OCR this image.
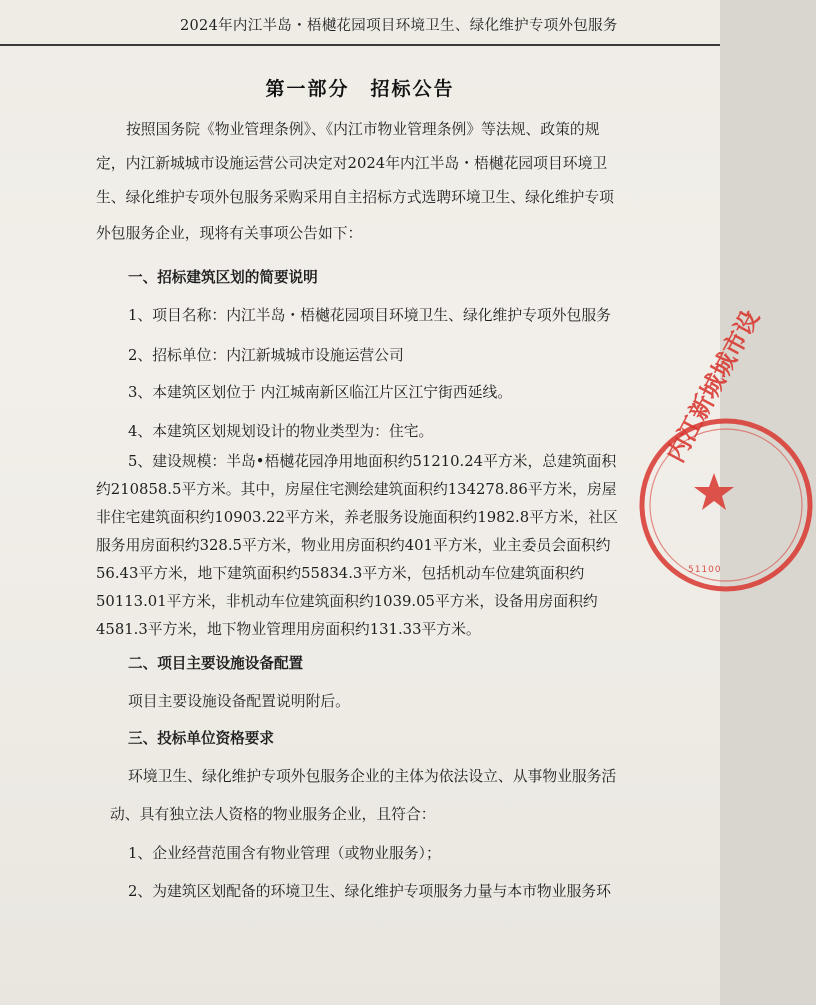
2024年内江半岛・梧樾花园项目环境卫生、绿化维护专项外包服务
第一部分　招标公告
按照国务院《物业管理条例》、《内江市物业管理条例》等法规、政策的规
定，内江新城城市设施运营公司决定对2024年内江半岛・梧樾花园项目环境卫
生、绿化维护专项外包服务采购采用自主招标方式选聘环境卫生、绿化维护专项
外包服务企业，现将有关事项公告如下：
一、招标建筑区划的简要说明
1、项目名称：内江半岛・梧樾花园项目环境卫生、绿化维护专项外包服务
2、招标单位：内江新城城市设施运营公司
3、本建筑区划位于 内江城南新区临江片区江宁街西延线。
4、本建筑区划规划设计的物业类型为：住宅。
5、建设规模：半岛•梧樾花园净用地面积约51210.24平方米，总建筑面积
约210858.5平方米。其中，房屋住宅测绘建筑面积约134278.86平方米，房屋
非住宅建筑面积约10903.22平方米，养老服务设施面积约1982.8平方米，社区
服务用房面积约328.5平方米，物业用房面积约401平方米，业主委员会面积约
56.43平方米，地下建筑面积约55834.3平方米，包括机动车位建筑面积约
50113.01平方米，非机动车位建筑面积约1039.05平方米，设备用房面积约
4581.3平方米，地下物业管理用房面积约131.33平方米。
二、项目主要设施设备配置
项目主要设施设备配置说明附后。
三、投标单位资格要求
环境卫生、绿化维护专项外包服务企业的主体为依法设立、从事物业服务活
动、具有独立法人资格的物业服务企业，且符合：
1、企业经营范围含有物业管理（或物业服务）；
2、为建筑区划配备的环境卫生、绿化维护专项服务力量与本市物业服务环
内江新城城市设
51100
